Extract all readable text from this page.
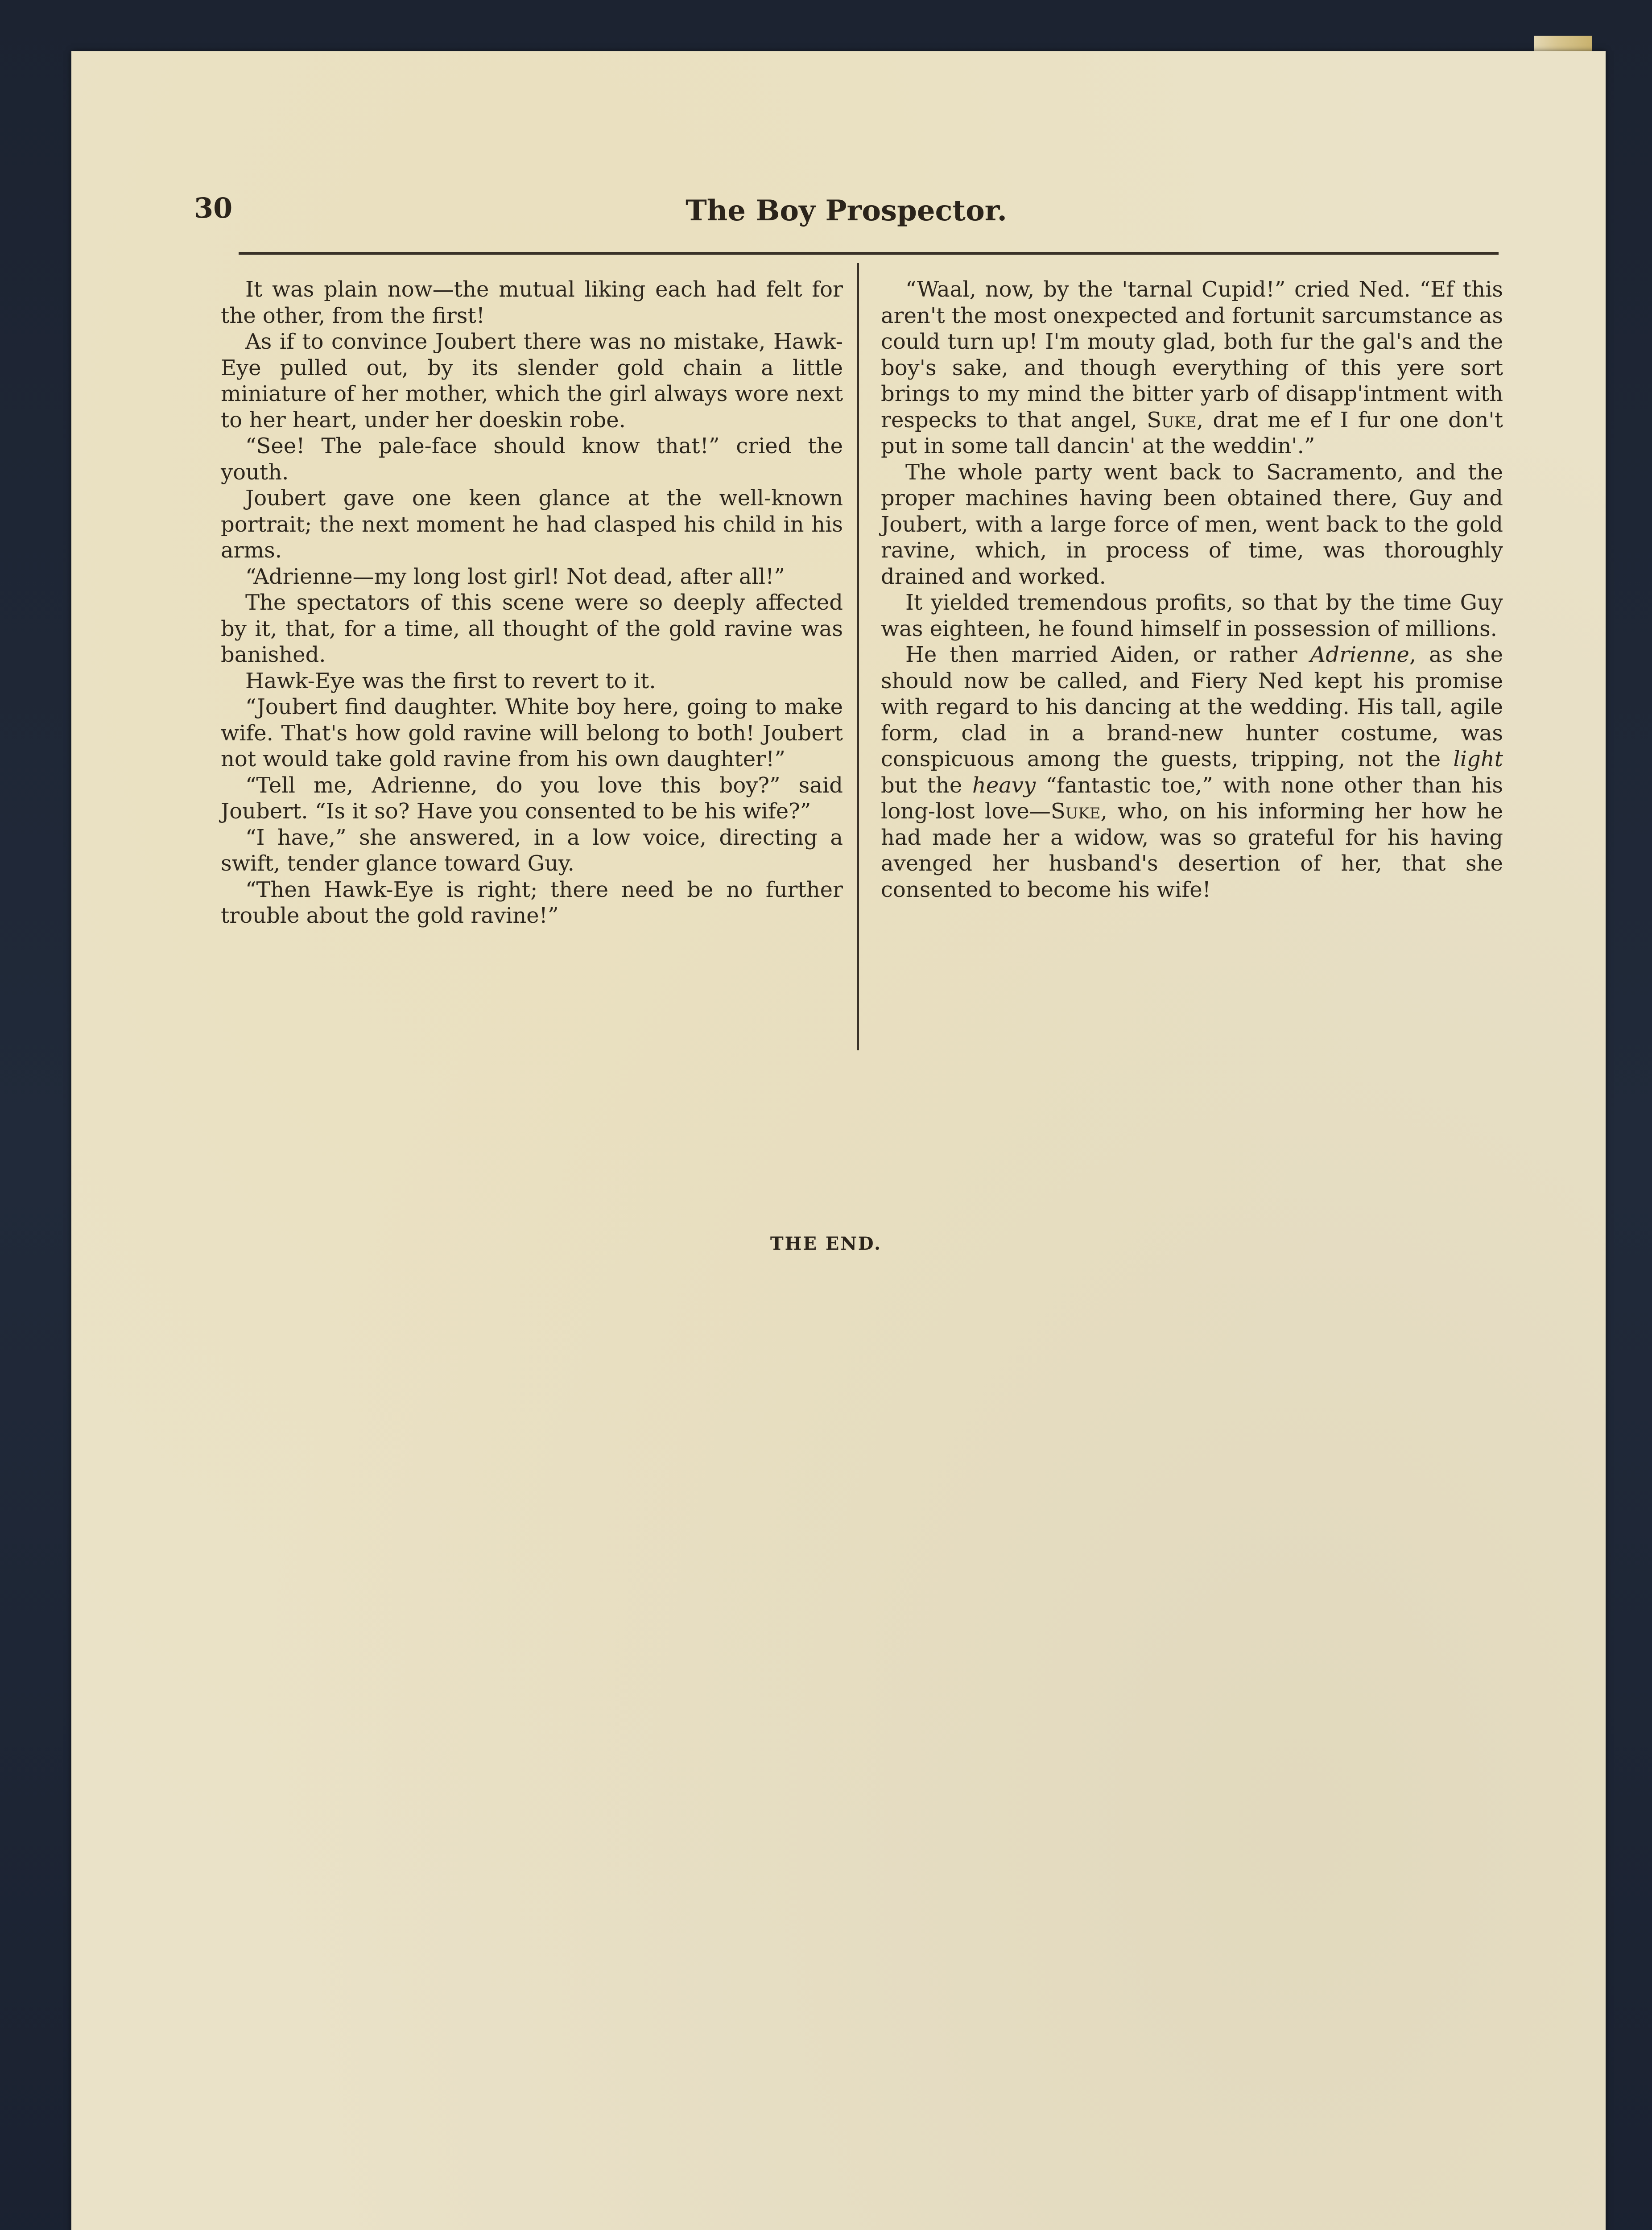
30	The Boy Prospector.

It was plain now—the mutual liking each had felt for the other, from the first!

As if to convince Joubert there was no mistake, Hawk-Eye pulled out, by its slender gold chain a little miniature of her mother, which the girl always wore next to her heart, under her doeskin robe.

“See! The pale-face should know that!” cried the youth.

Joubert gave one keen glance at the well-known portrait; the next moment he had clasped his child in his arms.

“Adrienne—my long lost girl! Not dead, after all!”

The spectators of this scene were so deeply affected by it, that, for a time, all thought of the gold ravine was banished.

Hawk-Eye was the first to revert to it.

“Joubert find daughter. White boy here, going to make wife. That's how gold ravine will belong to both! Joubert not would take gold ravine from his own daughter!”

“Tell me, Adrienne, do you love this boy?” said Joubert. “Is it so? Have you consented to be his wife?”

“I have,” she answered, in a low voice, directing a swift, tender glance toward Guy.

“Then Hawk-Eye is right; there need be no further trouble about the gold ravine!”

“Waal, now, by the 'tarnal Cupid!” cried Ned. “Ef this aren't the most onexpected and fortunit sarcumstance as could turn up! I'm mouty glad, both fur the gal's and the boy's sake, and though everything of this yere sort brings to my mind the bitter yarb of disapp'intment with respecks to that angel, Suke, drat me ef I fur one don't put in some tall dancin' at the weddin'.”

The whole party went back to Sacramento, and the proper machines having been obtained there, Guy and Joubert, with a large force of men, went back to the gold ravine, which, in process of time, was thoroughly drained and worked.

It yielded tremendous profits, so that by the time Guy was eighteen, he found himself in possession of millions.

He then married Aiden, or rather Adrienne, as she should now be called, and Fiery Ned kept his promise with regard to his dancing at the wedding. His tall, agile form, clad in a brand-new hunter costume, was conspicuous among the guests, tripping, not the light but the heavy “fantastic toe,” with none other than his long-lost love—Suke, who, on his informing her how he had made her a widow, was so grateful for his having avenged her husband's desertion of her, that she consented to become his wife!

THE END.
